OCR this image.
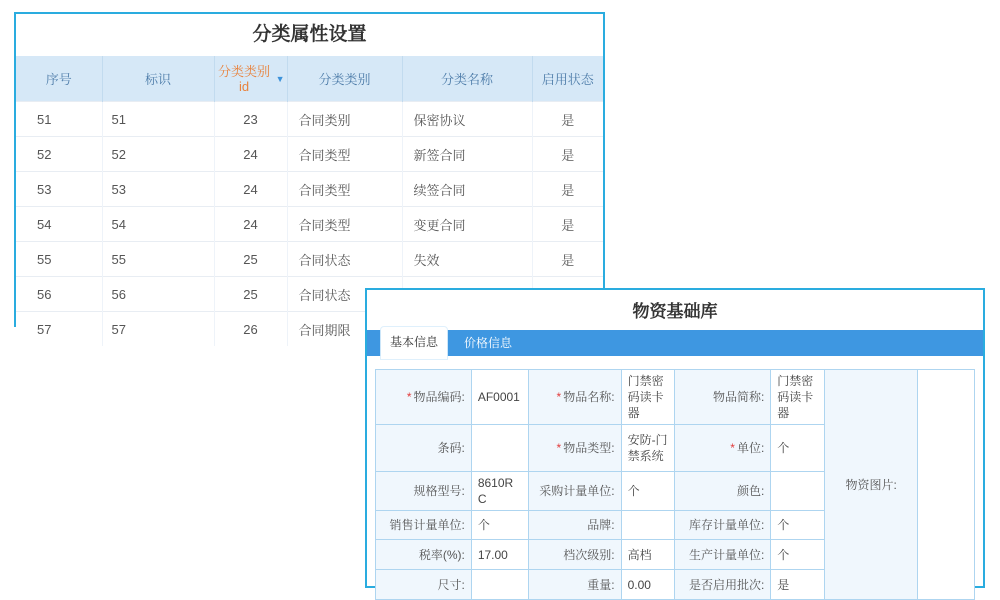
分类属性设置
序号	标识	分类类别id ▼	分类类别	分类名称	启用状态
51	51	23	合同类别	保密协议	是
52	52	24	合同类型	新签合同	是
53	53	24	合同类型	续签合同	是
54	54	24	合同类型	变更合同	是
55	55	25	合同状态	失效	是
56	56	25	合同状态		
57	57	26	合同期限		
物资基础库
基本信息	价格信息
* 物品编码:	AF0001	* 物品名称:	门禁密码读卡器	物品简称:	门禁密码读卡器	物资图片:	
条码:		* 物品类型:	安防-门禁系统	* 单位:	个		
规格型号:	8610RC	采购计量单位:	个	颜色:			
销售计量单位:	个	品牌:		库存计量单位:	个		
税率(%):	17.00	档次级别:	高档	生产计量单位:	个		
尺寸:		重量:	0.00	是否启用批次:	是		
